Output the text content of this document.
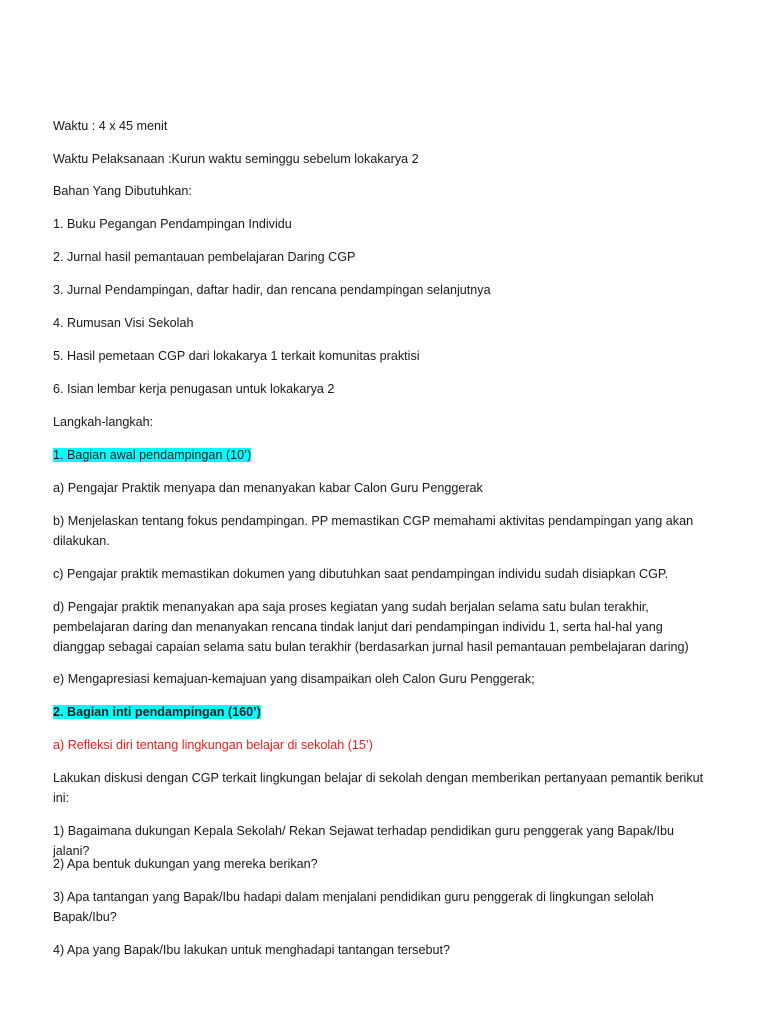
Waktu : 4 x 45 menit

Waktu Pelaksanaan :Kurun waktu seminggu sebelum lokakarya 2

Bahan Yang Dibutuhkan:

1. Buku Pegangan Pendampingan Individu

2. Jurnal hasil pemantauan pembelajaran Daring CGP

3. Jurnal Pendampingan, daftar hadir, dan rencana pendampingan selanjutnya

4. Rumusan Visi Sekolah

5. Hasil pemetaan CGP dari lokakarya 1 terkait komunitas praktisi

6. Isian lembar kerja penugasan untuk lokakarya 2

Langkah-langkah:

1. Bagian awal pendampingan (10’)

a) Pengajar Praktik menyapa dan menanyakan kabar Calon Guru Penggerak

b) Menjelaskan tentang fokus pendampingan. PP memastikan CGP memahami aktivitas pendampingan yang akan dilakukan.

c) Pengajar praktik memastikan dokumen yang dibutuhkan saat pendampingan individu sudah disiapkan CGP.

d) Pengajar praktik menanyakan apa saja proses kegiatan yang sudah berjalan selama satu bulan terakhir, pembelajaran daring dan menanyakan rencana tindak lanjut dari pendampingan individu 1, serta hal-hal yang dianggap sebagai capaian selama satu bulan terakhir (berdasarkan jurnal hasil pemantauan pembelajaran daring)

e) Mengapresiasi kemajuan-kemajuan yang disampaikan oleh Calon Guru Penggerak;

2. Bagian inti pendampingan (160’)

a) Refleksi diri tentang lingkungan belajar di sekolah (15’)

Lakukan diskusi dengan CGP terkait lingkungan belajar di sekolah dengan memberikan pertanyaan pemantik berikut ini:

1) Bagaimana dukungan Kepala Sekolah/ Rekan Sejawat terhadap pendidikan guru penggerak yang Bapak/Ibu jalani?

2) Apa bentuk dukungan yang mereka berikan?

3) Apa tantangan yang Bapak/Ibu hadapi dalam menjalani pendidikan guru penggerak di lingkungan selolah Bapak/Ibu?

4) Apa yang Bapak/Ibu lakukan untuk menghadapi tantangan tersebut?
